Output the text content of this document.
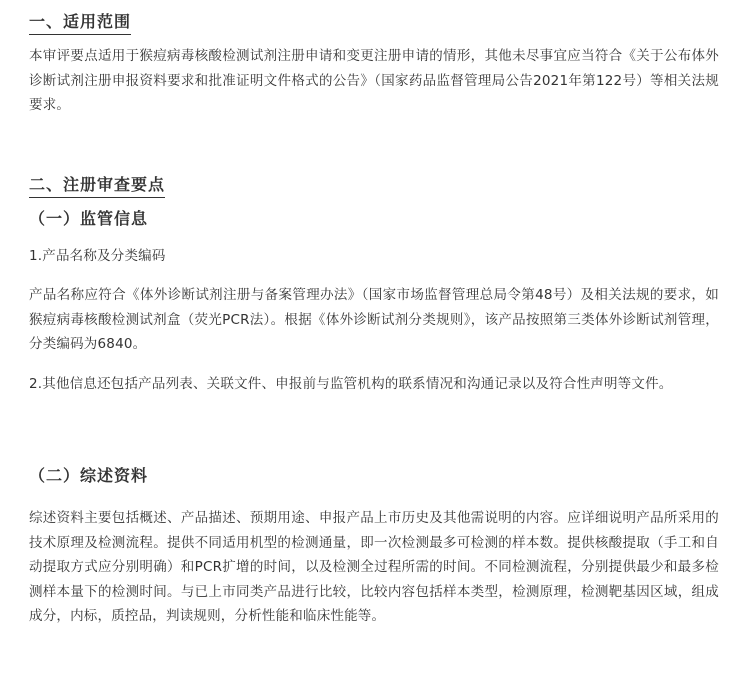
一、适用范围
本审评要点适用于猴痘病毒核酸检测试剂注册申请和变更注册申请的情形，其他未尽事宜应当符合《关于公布体外诊断试剂注册申报资料要求和批准证明文件格式的公告》（国家药品监督管理局公告2021年第122号）等相关法规要求。
二、注册审查要点
（一）监管信息
1.产品名称及分类编码
产品名称应符合《体外诊断试剂注册与备案管理办法》（国家市场监督管理总局令第48号）及相关法规的要求，如猴痘病毒核酸检测试剂盒（荧光PCR法）。根据《体外诊断试剂分类规则》，该产品按照第三类体外诊断试剂管理，分类编码为6840。
2.其他信息还包括产品列表、关联文件、申报前与监管机构的联系情况和沟通记录以及符合性声明等文件。
（二）综述资料
综述资料主要包括概述、产品描述、预期用途、申报产品上市历史及其他需说明的内容。应详细说明产品所采用的技术原理及检测流程。提供不同适用机型的检测通量，即一次检测最多可检测的样本数。提供核酸提取（手工和自动提取方式应分别明确）和PCR扩增的时间，以及检测全过程所需的时间。不同检测流程，分别提供最少和最多检测样本量下的检测时间。与已上市同类产品进行比较，比较内容包括样本类型，检测原理，检测靶基因区域，组成成分，内标，质控品，判读规则，分析性能和临床性能等。
